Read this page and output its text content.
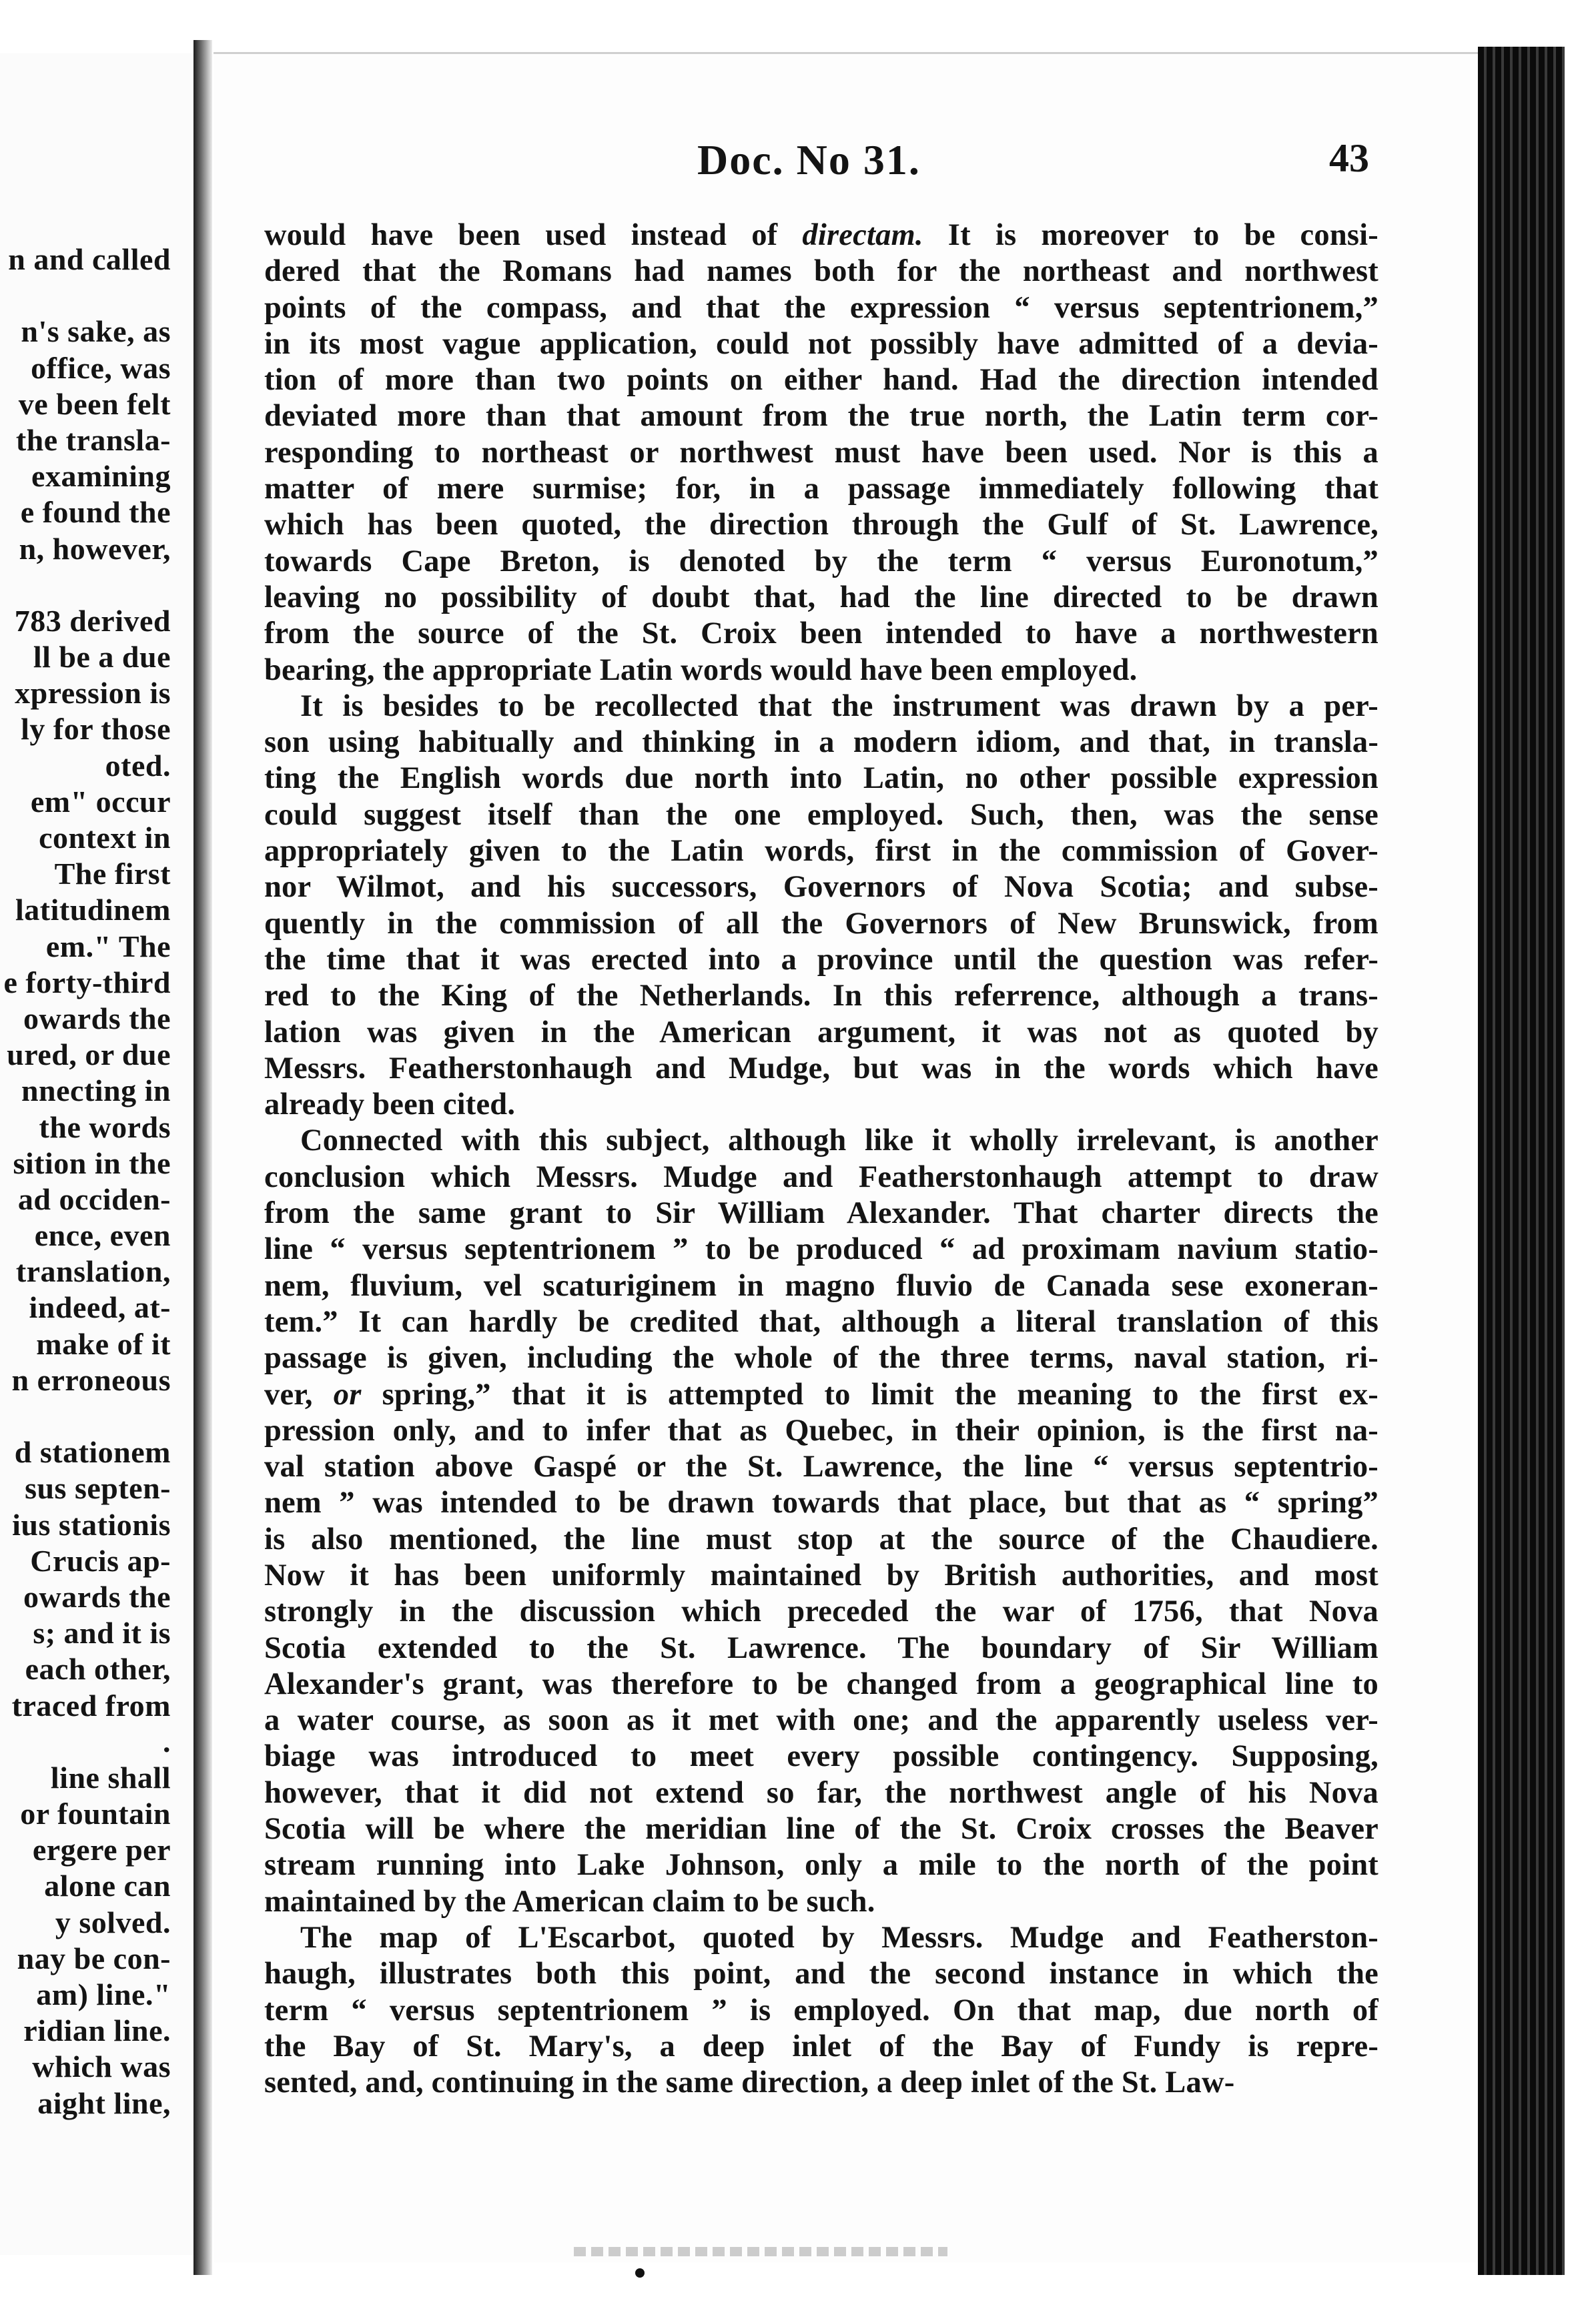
n and called
n's sake, as
office, was
ve been felt
the transla-
examining
e found the
n, however,
783 derived
ll be a due
xpression is
ly for those
oted.
em" occur
context in
The first
latitudinem
em." The
e forty-third
owards the
ured, or due
nnecting in
the words
sition in the
ad occiden-
ence, even
translation,
indeed, at-
make of it
n erroneous
d stationem
sus septen-
ius stationis
Crucis ap-
owards the
s; and it is
each other,
traced from
.
line shall
or fountain
ergere per
alone can
y solved.
nay be con-
am) line."
ridian line.
which was
aight line,
Doc. No 31.	43
would have been used instead of directam. It is moreover to be consi-
dered that the Romans had names both for the northeast and northwest
points of the compass, and that the expression “ versus septentrionem,”
in its most vague application, could not possibly have admitted of a devia-
tion of more than two points on either hand. Had the direction intended
deviated more than that amount from the true north, the Latin term cor-
responding to northeast or northwest must have been used. Nor is this a
matter of mere surmise; for, in a passage immediately following that
which has been quoted, the direction through the Gulf of St. Lawrence,
towards Cape Breton, is denoted by the term “ versus Euronotum,”
leaving no possibility of doubt that, had the line directed to be drawn
from the source of the St. Croix been intended to have a northwestern
bearing, the appropriate Latin words would have been employed.
It is besides to be recollected that the instrument was drawn by a per-
son using habitually and thinking in a modern idiom, and that, in transla-
ting the English words due north into Latin, no other possible expression
could suggest itself than the one employed. Such, then, was the sense
appropriately given to the Latin words, first in the commission of Gover-
nor Wilmot, and his successors, Governors of Nova Scotia; and subse-
quently in the commission of all the Governors of New Brunswick, from
the time that it was erected into a province until the question was refer-
red to the King of the Netherlands. In this referrence, although a trans-
lation was given in the American argument, it was not as quoted by
Messrs. Featherstonhaugh and Mudge, but was in the words which have
already been cited.
Connected with this subject, although like it wholly irrelevant, is another
conclusion which Messrs. Mudge and Featherstonhaugh attempt to draw
from the same grant to Sir William Alexander. That charter directs the
line “ versus septentrionem ” to be produced “ ad proximam navium statio-
nem, fluvium, vel scaturiginem in magno fluvio de Canada sese exoneran-
tem.” It can hardly be credited that, although a literal translation of this
passage is given, including the whole of the three terms, naval station, ri-
ver, or spring,” that it is attempted to limit the meaning to the first ex-
pression only, and to infer that as Quebec, in their opinion, is the first na-
val station above Gaspé or the St. Lawrence, the line “ versus septentrio-
nem ” was intended to be drawn towards that place, but that as “ spring”
is also mentioned, the line must stop at the source of the Chaudiere.
Now it has been uniformly maintained by British authorities, and most
strongly in the discussion which preceded the war of 1756, that Nova
Scotia extended to the St. Lawrence. The boundary of Sir William
Alexander's grant, was therefore to be changed from a geographical line to
a water course, as soon as it met with one; and the apparently useless ver-
biage was introduced to meet every possible contingency. Supposing,
however, that it did not extend so far, the northwest angle of his Nova
Scotia will be where the meridian line of the St. Croix crosses the Beaver
stream running into Lake Johnson, only a mile to the north of the point
maintained by the American claim to be such.
The map of L'Escarbot, quoted by Messrs. Mudge and Featherston-
haugh, illustrates both this point, and the second instance in which the
term “ versus septentrionem ” is employed. On that map, due north of
the Bay of St. Mary's, a deep inlet of the Bay of Fundy is repre-
sented, and, continuing in the same direction, a deep inlet of the St. Law-
